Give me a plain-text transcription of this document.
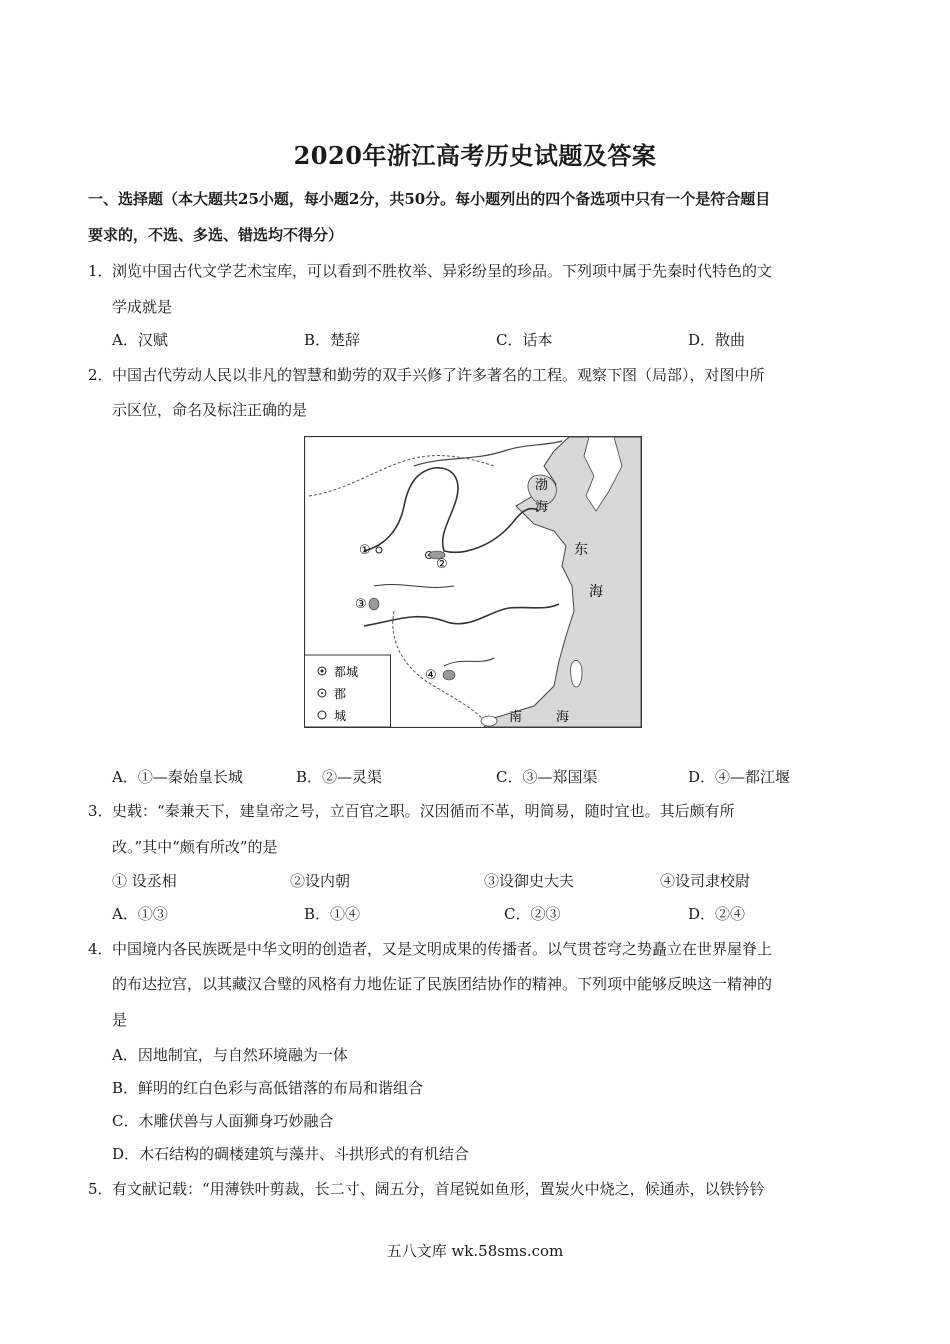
2020年浙江高考历史试题及答案
一、选择题（本大题共25小题，每小题2分，共50分。每小题列出的四个备选项中只有一个是符合题目
要求的，不选、多选、错选均不得分）
1． 浏览中国古代文学艺术宝库，可以看到不胜枚举、异彩纷呈的珍品。下列项中属于先秦时代特色的文
学成就是
A．汉赋	B．楚辞	C．话本	D．散曲
2． 中国古代劳动人民以非凡的智慧和勤劳的双手兴修了许多著名的工程。观察下图（局部），对图中所
示区位，命名及标注正确的是
都城
郡
城
渤
海
东
海
南	海
①
②
③
④
A．①—秦始皇长城	B．②—灵渠	C．③—郑国渠	D．④—都江堰
3． 史载：“秦兼天下，建皇帝之号，立百官之职。汉因循而不革，明简易，随时宜也。其后颇有所
改。”其中“颇有所改”的是
① 设丞相	②设内朝	③设御史大夫	④设司隶校尉
A．①③	B．①④	C．②③	D．②④
4． 中国境内各民族既是中华文明的创造者，又是文明成果的传播者。以气贯苍穹之势矗立在世界屋脊上
的布达拉宫，以其藏汉合璧的风格有力地佐证了民族团结协作的精神。下列项中能够反映这一精神的
是
A．因地制宜，与自然环境融为一体
B．鲜明的红白色彩与高低错落的布局和谐组合
C．木雕伏兽与人面狮身巧妙融合
D．木石结构的碉楼建筑与藻井、斗拱形式的有机结合
5． 有文献记载：“用薄铁叶剪裁，长二寸、阔五分，首尾锐如鱼形，置炭火中烧之，候通赤，以铁钤钤
五八文库 wk.58sms.com
